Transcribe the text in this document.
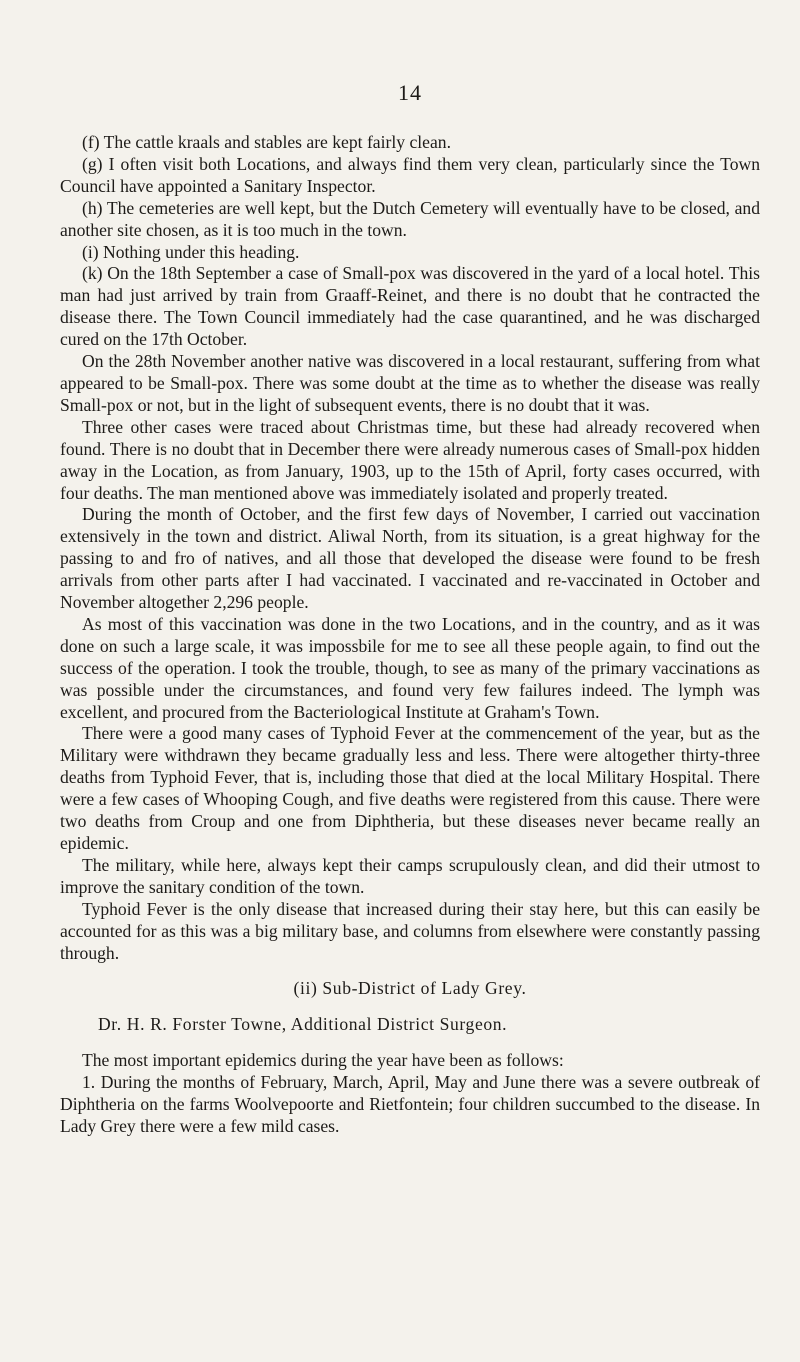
14

(f) The cattle kraals and stables are kept fairly clean.

(g) I often visit both Locations, and always find them very clean, particularly since the Town Council have appointed a Sanitary Inspector.

(h) The cemeteries are well kept, but the Dutch Cemetery will eventually have to be closed, and another site chosen, as it is too much in the town.

(i) Nothing under this heading.

(k) On the 18th September a case of Small-pox was discovered in the yard of a local hotel. This man had just arrived by train from Graaff-Reinet, and there is no doubt that he contracted the disease there. The Town Council immediately had the case quarantined, and he was discharged cured on the 17th October.

On the 28th November another native was discovered in a local restaurant, suffering from what appeared to be Small-pox. There was some doubt at the time as to whether the disease was really Small-pox or not, but in the light of subsequent events, there is no doubt that it was.

Three other cases were traced about Christmas time, but these had already recovered when found. There is no doubt that in December there were already numerous cases of Small-pox hidden away in the Location, as from January, 1903, up to the 15th of April, forty cases occurred, with four deaths. The man mentioned above was immediately isolated and properly treated.

During the month of October, and the first few days of November, I carried out vaccination extensively in the town and district. Aliwal North, from its situation, is a great highway for the passing to and fro of natives, and all those that developed the disease were found to be fresh arrivals from other parts after I had vaccinated. I vaccinated and re-vaccinated in October and November altogether 2,296 people.

As most of this vaccination was done in the two Locations, and in the country, and as it was done on such a large scale, it was impossbile for me to see all these people again, to find out the success of the operation. I took the trouble, though, to see as many of the primary vaccinations as was possible under the circumstances, and found very few failures indeed. The lymph was excellent, and procured from the Bacteriological Institute at Graham's Town.

There were a good many cases of Typhoid Fever at the commencement of the year, but as the Military were withdrawn they became gradually less and less. There were altogether thirty-three deaths from Typhoid Fever, that is, including those that died at the local Military Hospital. There were a few cases of Whooping Cough, and five deaths were registered from this cause. There were two deaths from Croup and one from Diphtheria, but these diseases never became really an epidemic.

The military, while here, always kept their camps scrupulously clean, and did their utmost to improve the sanitary condition of the town.

Typhoid Fever is the only disease that increased during their stay here, but this can easily be accounted for as this was a big military base, and columns from elsewhere were constantly passing through.

(ii) Sub-District of Lady Grey.

Dr. H. R. Forster Towne, Additional District Surgeon.

The most important epidemics during the year have been as follows:

1. During the months of February, March, April, May and June there was a severe outbreak of Diphtheria on the farms Woolvepoorte and Rietfontein; four children succumbed to the disease. In Lady Grey there were a few mild cases.
